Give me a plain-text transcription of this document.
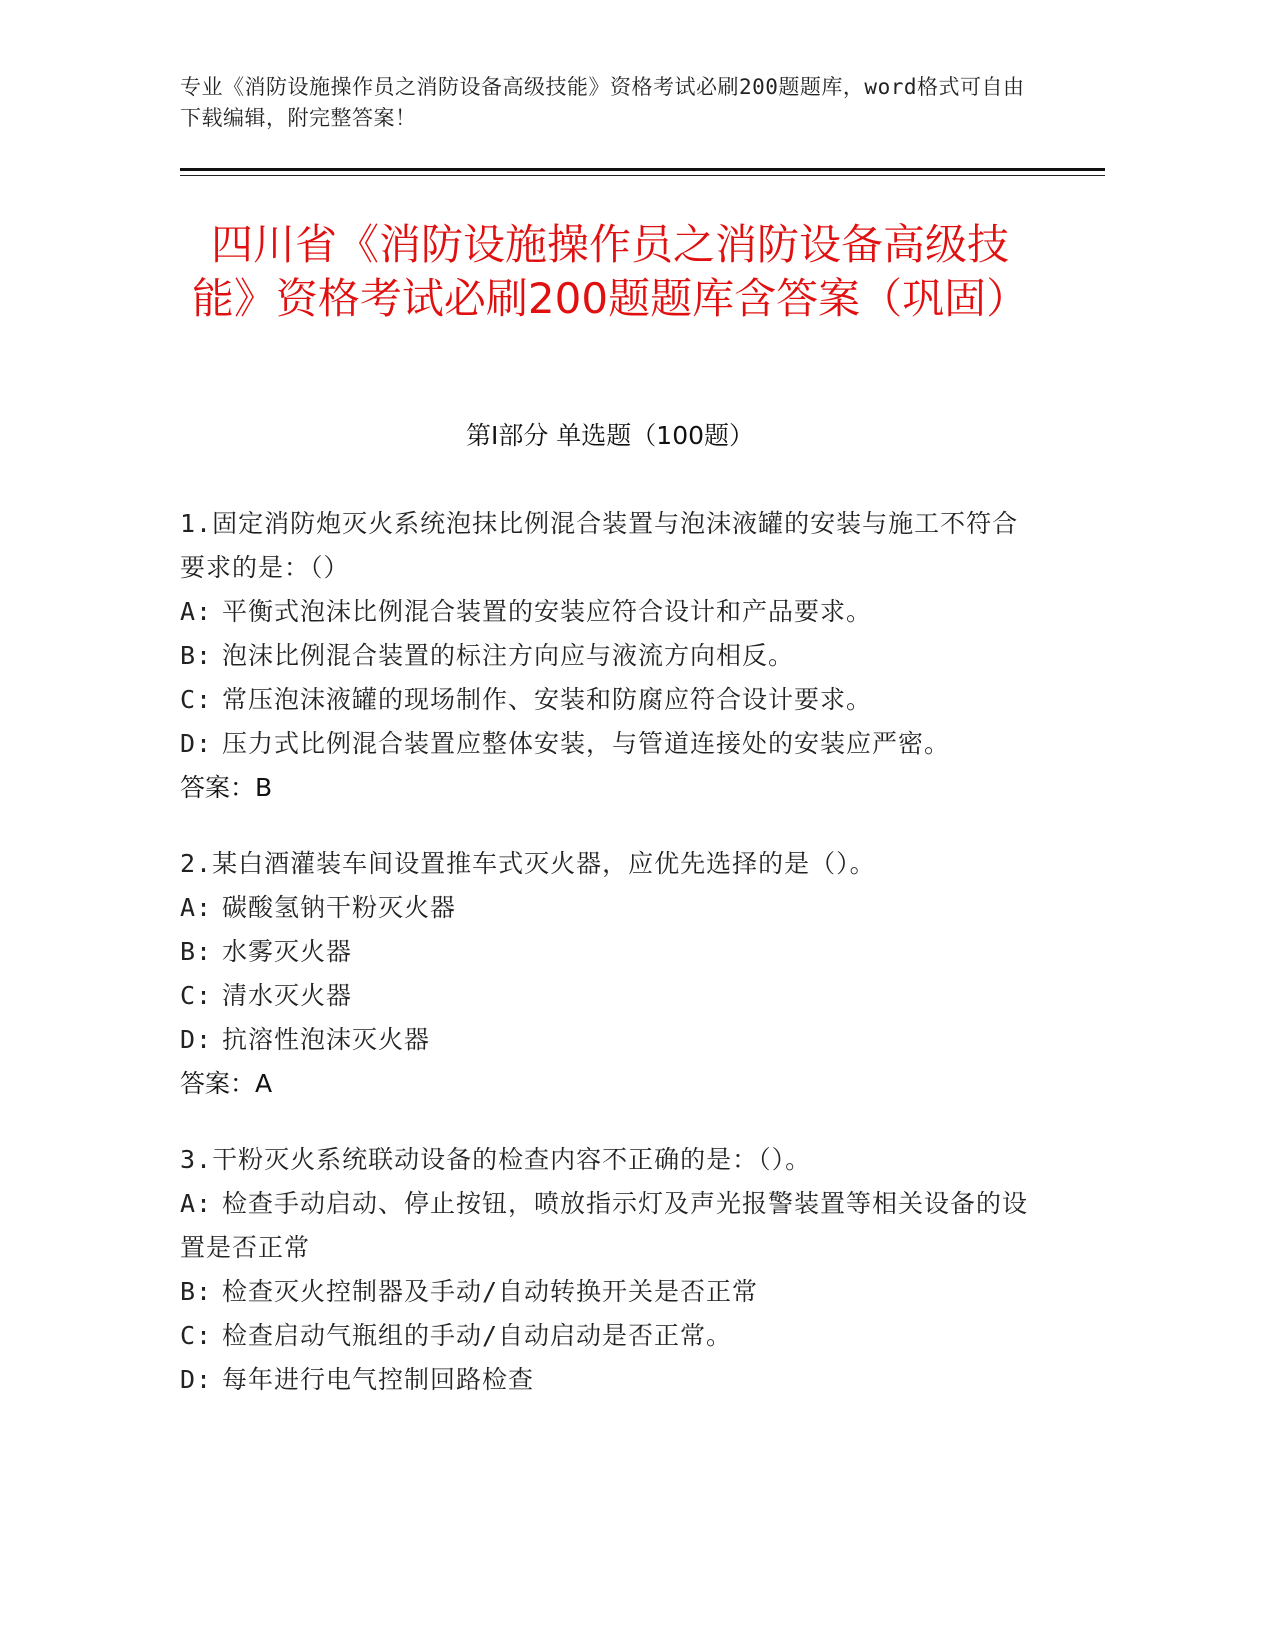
专业《消防设施操作员之消防设备高级技能》资格考试必刷200题题库，word格式可自由下载编辑，附完整答案！
四川省《消防设施操作员之消防设备高级技能》资格考试必刷200题题库含答案（巩固）
第I部分 单选题（100题）
1.固定消防炮灭火系统泡抹比例混合装置与泡沫液罐的安装与施工不符合要求的是：（）
A: 平衡式泡沫比例混合装置的安装应符合设计和产品要求。
B: 泡沫比例混合装置的标注方向应与液流方向相反。
C: 常压泡沫液罐的现场制作、安装和防腐应符合设计要求。
D: 压力式比例混合装置应整体安装，与管道连接处的安装应严密。
答案：B
2.某白酒灌装车间设置推车式灭火器，应优先选择的是（）。
A: 碳酸氢钠干粉灭火器
B: 水雾灭火器
C: 清水灭火器
D: 抗溶性泡沫灭火器
答案：A
3.干粉灭火系统联动设备的检查内容不正确的是：（）。
A: 检查手动启动、停止按钮，喷放指示灯及声光报警装置等相关设备的设置是否正常
B: 检查灭火控制器及手动/自动转换开关是否正常
C: 检查启动气瓶组的手动/自动启动是否正常。
D: 每年进行电气控制回路检查
